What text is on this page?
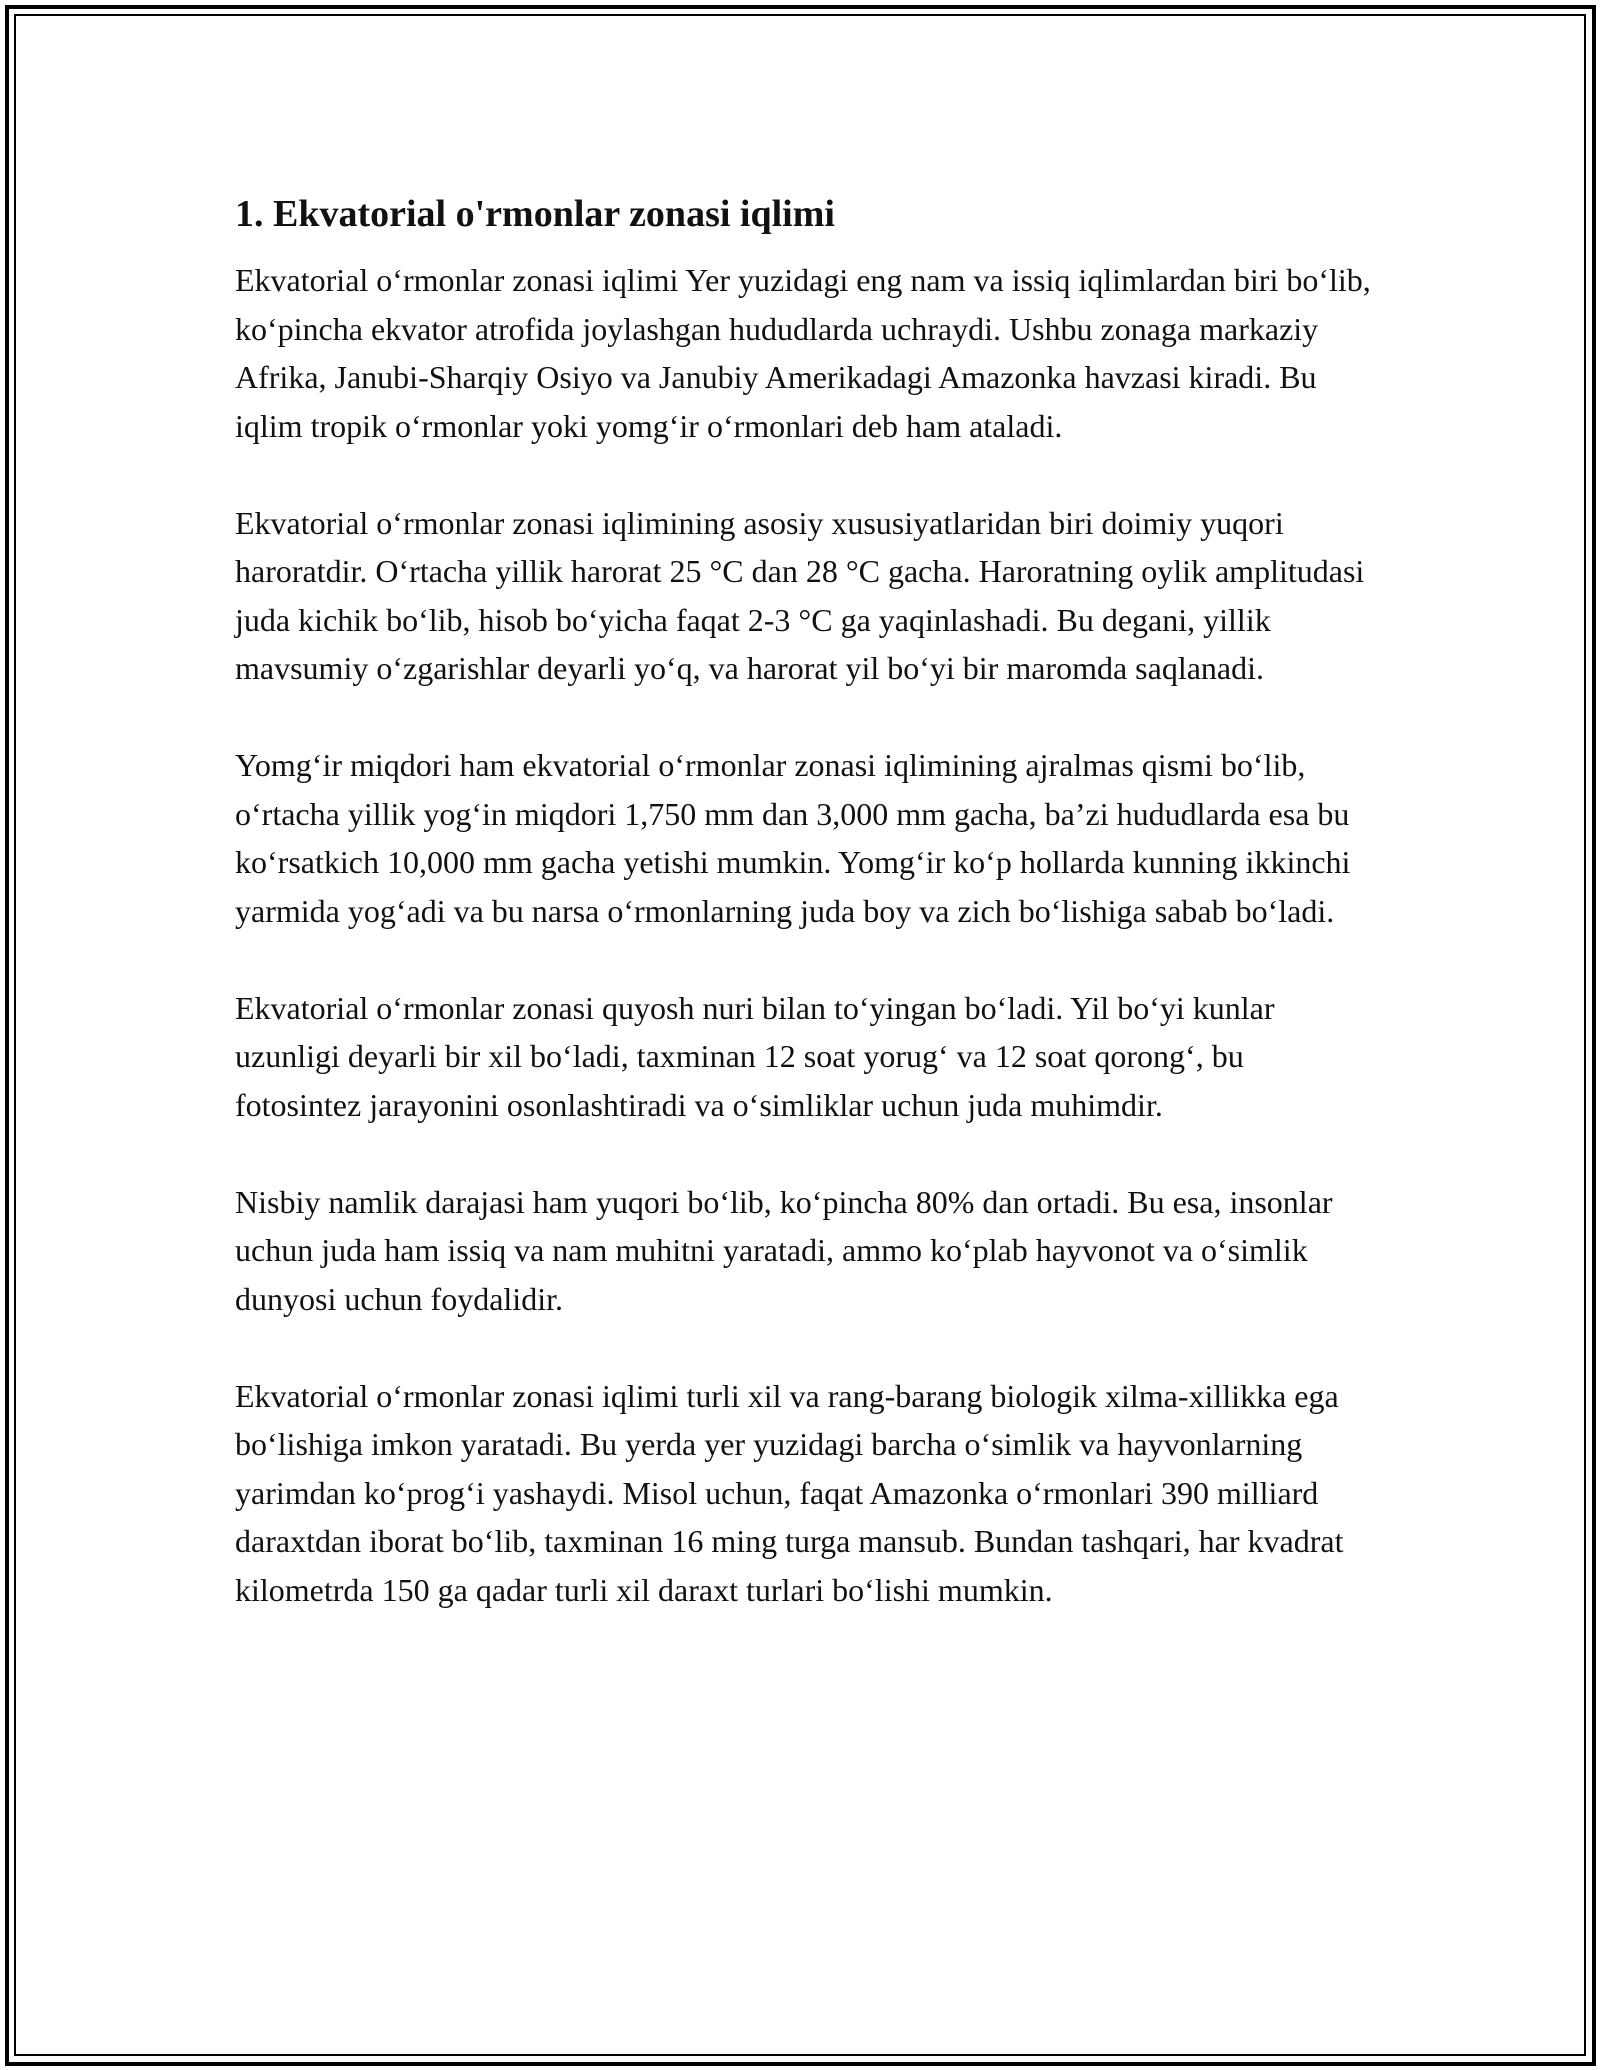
1. Ekvatorial o'rmonlar zonasi iqlimi

Ekvatorial o‘rmonlar zonasi iqlimi Yer yuzidagi eng nam va issiq iqlimlardan biri bo‘lib, ko‘pincha ekvator atrofida joylashgan hududlarda uchraydi. Ushbu zonaga markaziy Afrika, Janubi-Sharqiy Osiyo va Janubiy Amerikadagi Amazonka havzasi kiradi. Bu iqlim tropik o‘rmonlar yoki yomg‘ir o‘rmonlari deb ham ataladi.

Ekvatorial o‘rmonlar zonasi iqlimining asosiy xususiyatlaridan biri doimiy yuqori haroratdir. O‘rtacha yillik harorat 25 °C dan 28 °C gacha. Haroratning oylik amplitudasi juda kichik bo‘lib, hisob bo‘yicha faqat 2-3 °C ga yaqinlashadi. Bu degani, yillik mavsumiy o‘zgarishlar deyarli yo‘q, va harorat yil bo‘yi bir maromda saqlanadi.

Yomg‘ir miqdori ham ekvatorial o‘rmonlar zonasi iqlimining ajralmas qismi bo‘lib, o‘rtacha yillik yog‘in miqdori 1,750 mm dan 3,000 mm gacha, ba’zi hududlarda esa bu ko‘rsatkich 10,000 mm gacha yetishi mumkin. Yomg‘ir ko‘p hollarda kunning ikkinchi yarmida yog‘adi va bu narsa o‘rmonlarning juda boy va zich bo‘lishiga sabab bo‘ladi.

Ekvatorial o‘rmonlar zonasi quyosh nuri bilan to‘yingan bo‘ladi. Yil bo‘yi kunlar uzunligi deyarli bir xil bo‘ladi, taxminan 12 soat yorug‘ va 12 soat qorong‘, bu fotosintez jarayonini osonlashtiradi va o‘simliklar uchun juda muhimdir.

Nisbiy namlik darajasi ham yuqori bo‘lib, ko‘pincha 80% dan ortadi. Bu esa, insonlar uchun juda ham issiq va nam muhitni yaratadi, ammo ko‘plab hayvonot va o‘simlik dunyosi uchun foydalidir.

Ekvatorial o‘rmonlar zonasi iqlimi turli xil va rang-barang biologik xilma-xillikka ega bo‘lishiga imkon yaratadi. Bu yerda yer yuzidagi barcha o‘simlik va hayvonlarning yarimdan ko‘prog‘i yashaydi. Misol uchun, faqat Amazonka o‘rmonlari 390 milliard daraxtdan iborat bo‘lib, taxminan 16 ming turga mansub. Bundan tashqari, har kvadrat kilometrda 150 ga qadar turli xil daraxt turlari bo‘lishi mumkin.
